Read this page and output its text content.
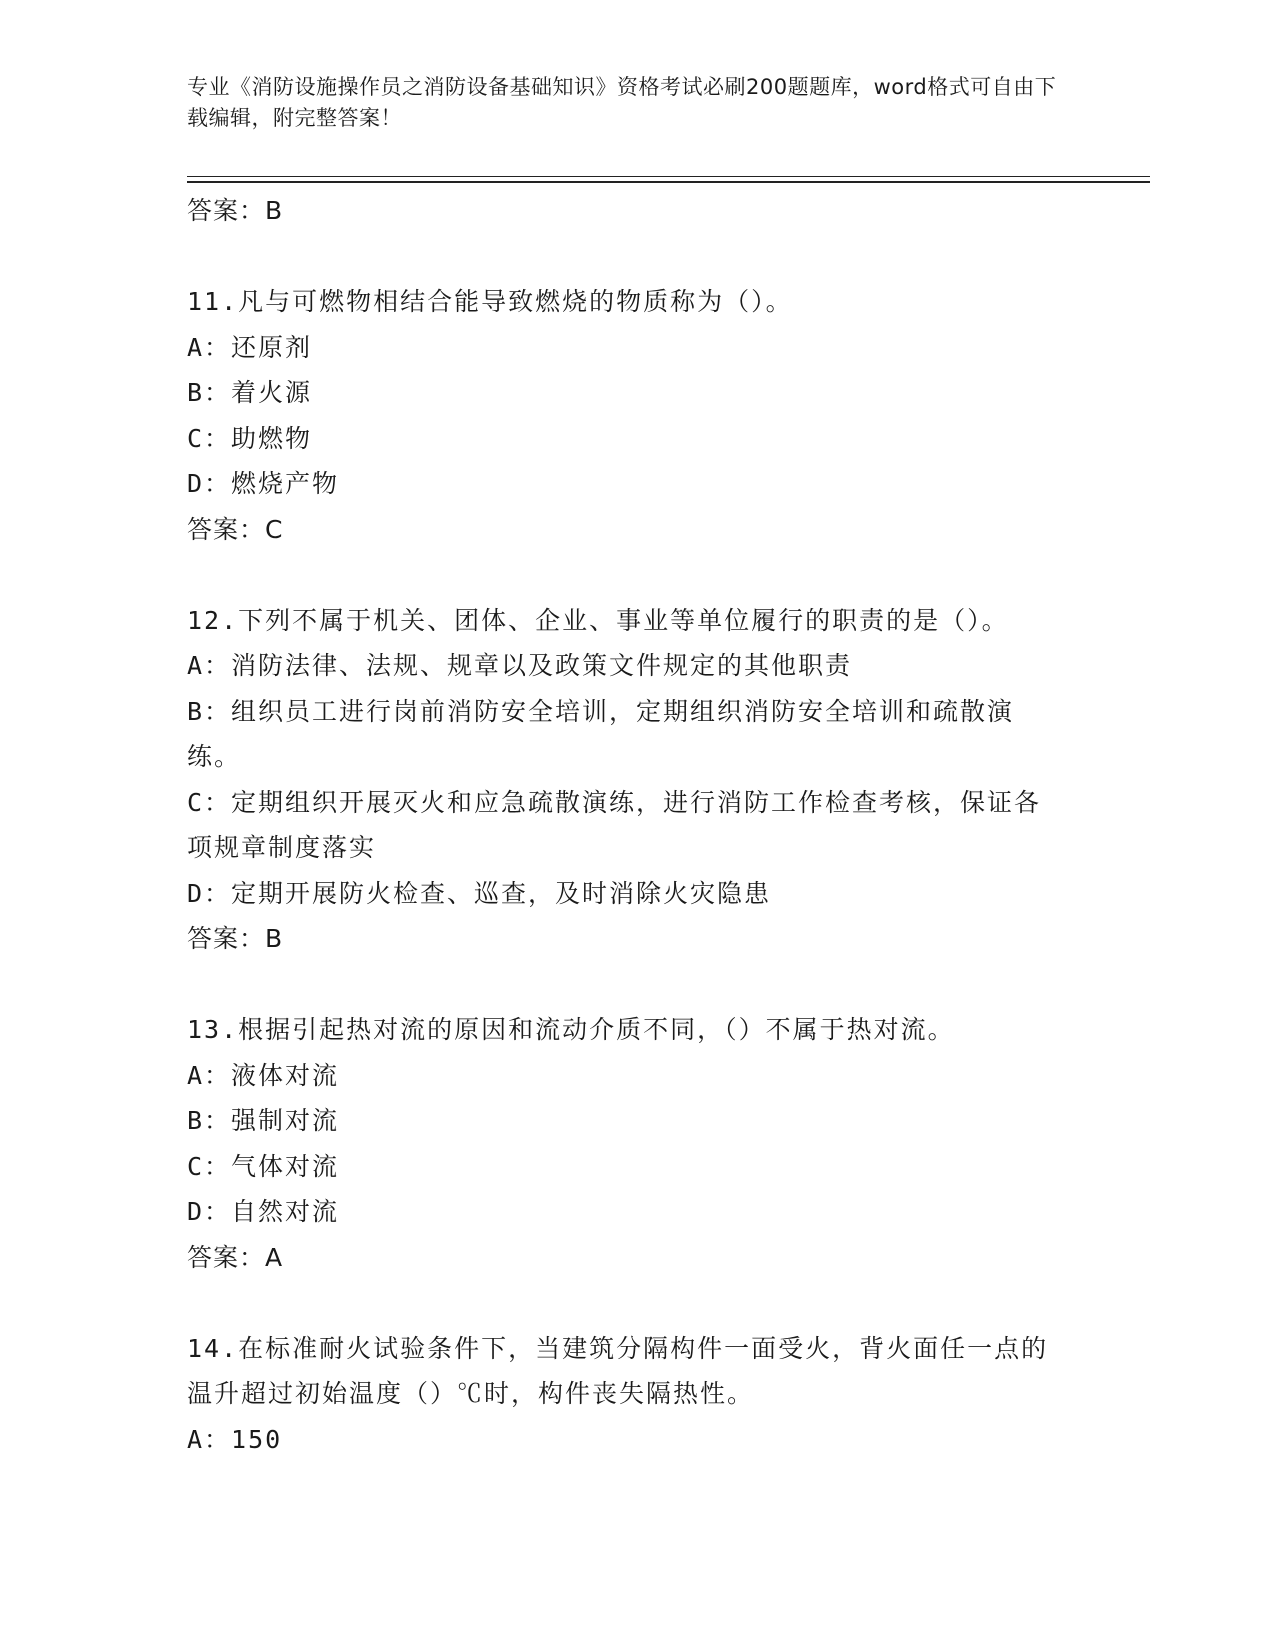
专业《消防设施操作员之消防设备基础知识》资格考试必刷200题题库，word格式可自由下载编辑，附完整答案！
答案：B
11.凡与可燃物相结合能导致燃烧的物质称为（）。
A：还原剂
B：着火源
C：助燃物
D：燃烧产物
答案：C
12.下列不属于机关、团体、企业、事业等单位履行的职责的是（）。
A：消防法律、法规、规章以及政策文件规定的其他职责
B：组织员工进行岗前消防安全培训，定期组织消防安全培训和疏散演练。
C：定期组织开展灭火和应急疏散演练，进行消防工作检查考核，保证各项规章制度落实
D：定期开展防火检查、巡查，及时消除火灾隐患
答案：B
13.根据引起热对流的原因和流动介质不同，（）不属于热对流。
A：液体对流
B：强制对流
C：气体对流
D：自然对流
答案：A
14.在标准耐火试验条件下，当建筑分隔构件一面受火，背火面任一点的温升超过初始温度（）℃时，构件丧失隔热性。
A：150
